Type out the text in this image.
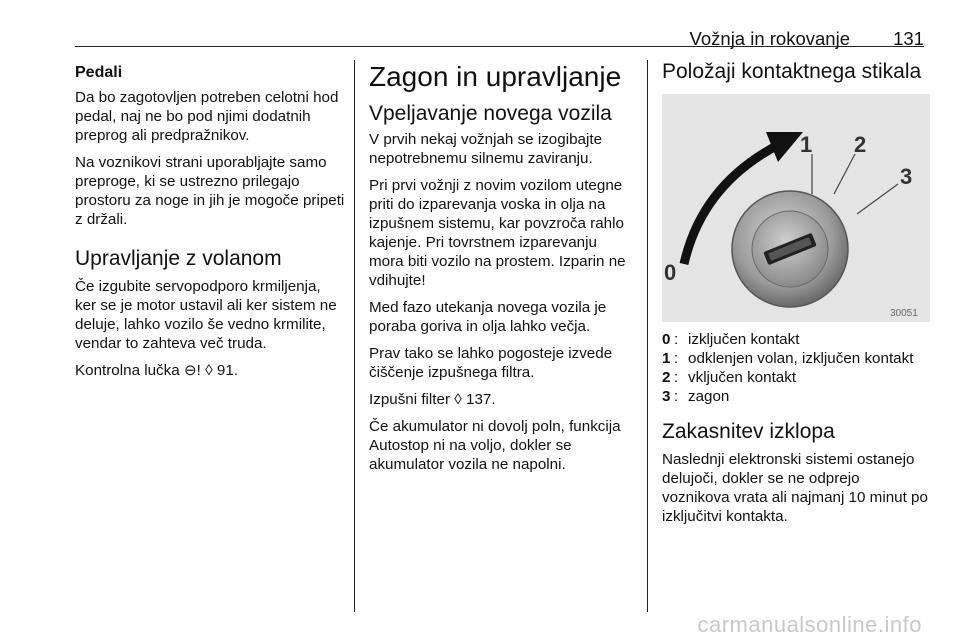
Vožnja in rokovanje 131
Pedali

Da bo zagotovljen potreben celotni hod pedal, naj ne bo pod njimi dodatnih preprog ali predpražnikov.

Na voznikovi strani uporabljajte samo preproge, ki se ustrezno prilegajo prostoru za noge in jih je mogoče pripeti z držali.

Upravljanje z volanom

Če izgubite servopodporo krmiljenja, ker se je motor ustavil ali ker sistem ne deluje, lahko vozilo še vedno krmilite, vendar to zahteva več truda.

Kontrolna lučka ⊖! ◊ 91.

Zagon in upravljanje
Vpeljavanje novega vozila

V prvih nekaj vožnjah se izogibajte nepotrebnemu silnemu zaviranju.

Pri prvi vožnji z novim vozilom utegne priti do izparevanja voska in olja na izpušnem sistemu, kar povzroča rahlo kajenje. Pri tovrstnem izparevanju mora biti vozilo na prostem. Izparin ne vdihujte!

Med fazo utekanja novega vozila je poraba goriva in olja lahko večja.

Prav tako se lahko pogosteje izvede čiščenje izpušnega filtra.

Izpušni filter ◊ 137.

Če akumulator ni dovolj poln, funkcija Autostop ni na voljo, dokler se akumulator vozila ne napolni.

Položaji kontaktnega stikala
0
1 2
3
30051
0 : izključen kontakt
1 : odklenjen volan, izključen kontakt
2 : vključen kontakt
3 : zagon
Zakasnitev izklopa

Naslednji elektronski sistemi ostanejo delujoči, dokler se ne odprejo voznikova vrata ali najmanj 10 minut po izključitvi kontakta.

carmanualsonline.info
